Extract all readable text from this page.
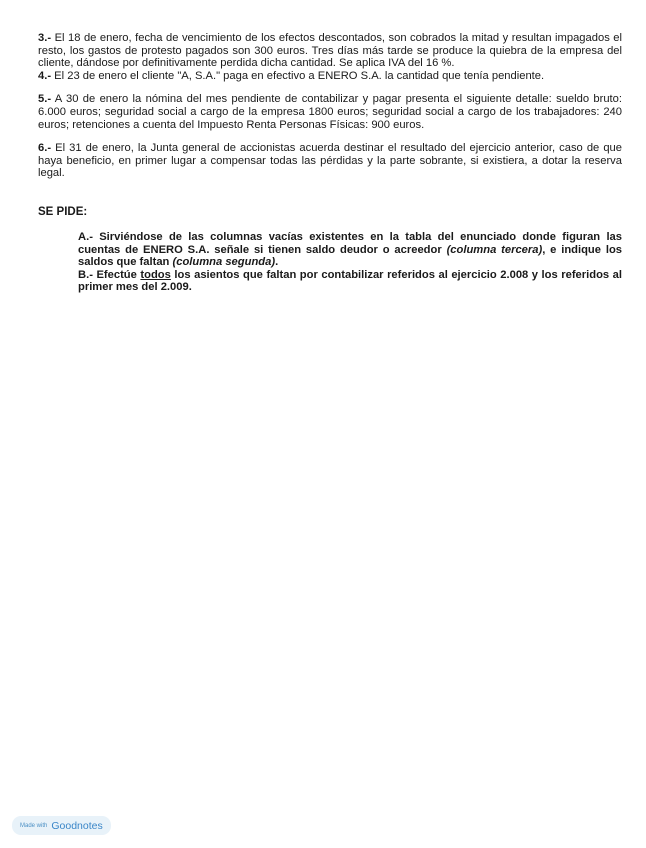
3.- El 18 de enero, fecha de vencimiento de los efectos descontados, son cobrados la mitad y resultan impagados el resto, los gastos de protesto pagados son 300 euros. Tres días más tarde se produce la quiebra de la empresa del cliente, dándose por definitivamente perdida dicha cantidad. Se aplica IVA del 16 %.

4.- El 23 de enero el cliente "A, S.A." paga en efectivo a ENERO S.A. la cantidad que tenía pendiente.

5.- A 30 de enero la nómina del mes pendiente de contabilizar y pagar presenta el siguiente detalle: sueldo bruto: 6.000 euros; seguridad social a cargo de la empresa 1800 euros; seguridad social a cargo de los trabajadores: 240 euros; retenciones a cuenta del Impuesto Renta Personas Físicas: 900 euros.

6.- El 31 de enero, la Junta general de accionistas acuerda destinar el resultado del ejercicio anterior, caso de que haya beneficio, en primer lugar a compensar todas las pérdidas y la parte sobrante, si existiera, a dotar la reserva legal.

SE PIDE:

A.- Sirviéndose de las columnas vacías existentes en la tabla del enunciado donde figuran las cuentas de ENERO S.A. señale si tienen saldo deudor o acreedor (columna tercera), e indique los saldos que faltan (columna segunda).

B.- Efectúe todos los asientos que faltan por contabilizar referidos al ejercicio 2.008 y los referidos al primer mes del 2.009.

Made with Goodnotes
